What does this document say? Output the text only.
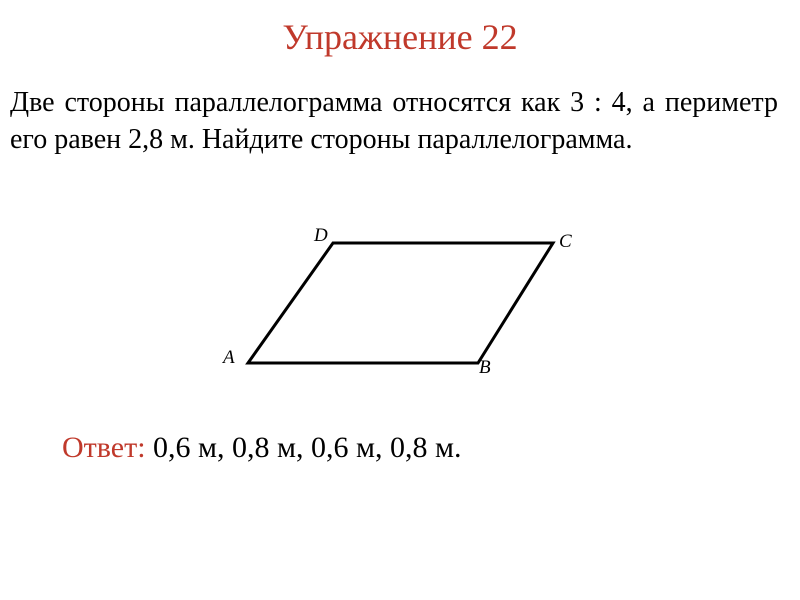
Упражнение 22
Две стороны параллелограмма относятся как 3 : 4, а периметр его равен 2,8 м. Найдите стороны параллелограмма.
A	B
C
D
Ответ: 0,6 м, 0,8 м, 0,6 м, 0,8 м.
